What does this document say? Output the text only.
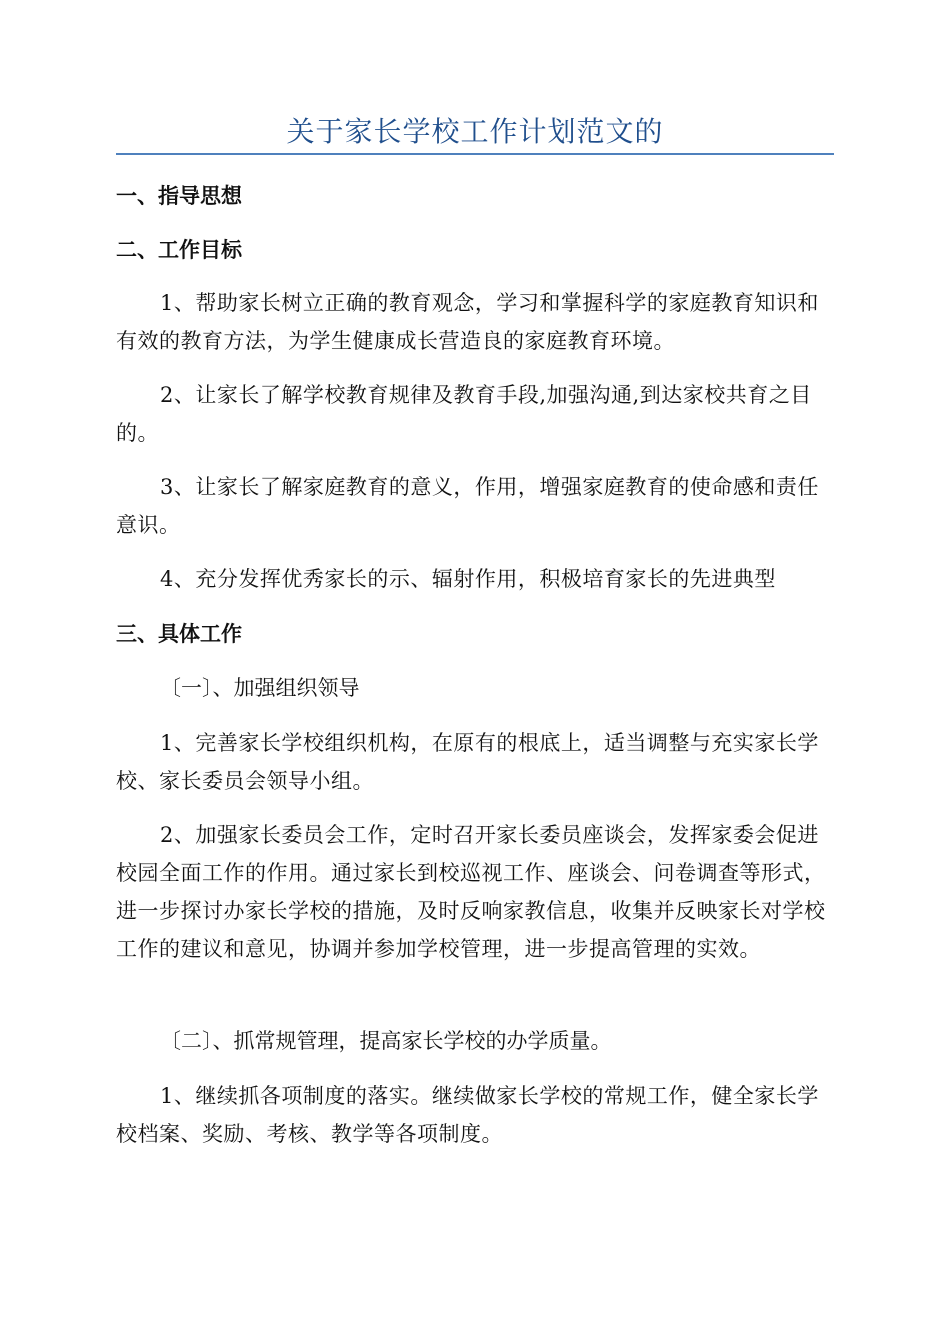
关于家长学校工作计划范文的
一、指导思想
二、工作目标

1、帮助家长树立正确的教育观念，学习和掌握科学的家庭教育知识和有效的教育方法，为学生健康成长营造良的家庭教育环境。

2、让家长了解学校教育规律及教育手段,加强沟通,到达家校共育之目的。

3、让家长了解家庭教育的意义，作用，增强家庭教育的使命感和责任意识。

4、充分发挥优秀家长的示、辐射作用，积极培育家长的先进典型

三、具体工作
〔一〕、加强组织领导

1、完善家长学校组织机构，在原有的根底上，适当调整与充实家长学校、家长委员会领导小组。

2、加强家长委员会工作，定时召开家长委员座谈会，发挥家委会促进校园全面工作的作用。通过家长到校巡视工作、座谈会、问卷调查等形式，进一步探讨办家长学校的措施，及时反响家教信息，收集并反映家长对学校工作的建议和意见，协调并参加学校管理，进一步提高管理的实效。

〔二〕、抓常规管理，提高家长学校的办学质量。

1、继续抓各项制度的落实。继续做家长学校的常规工作，健全家长学校档案、奖励、考核、教学等各项制度。
